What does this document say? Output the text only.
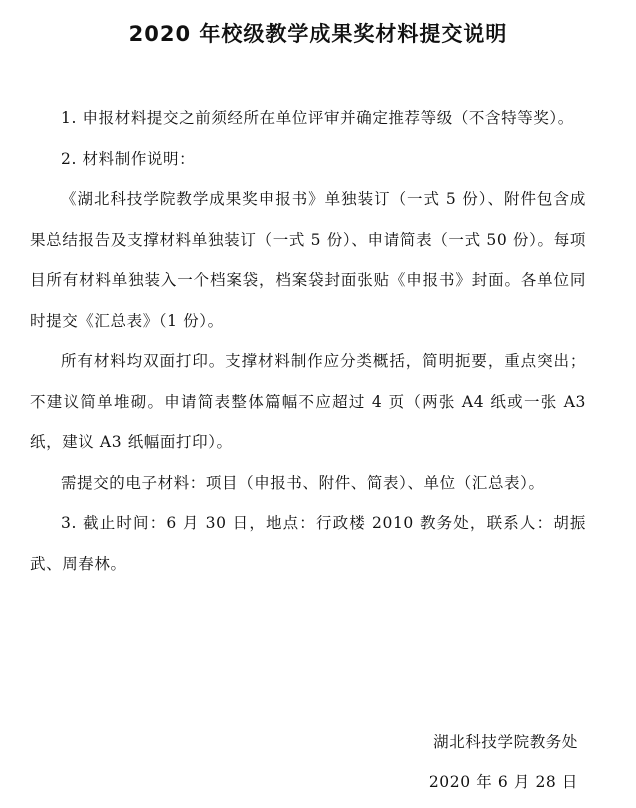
2020 年校级教学成果奖材料提交说明

1. 申报材料提交之前须经所在单位评审并确定推荐等级（不含特等奖）。

2. 材料制作说明：

《湖北科技学院教学成果奖申报书》单独装订（一式 5 份）、附件包含成果总结报告及支撑材料单独装订（一式 5 份）、申请简表（一式 50 份）。每项目所有材料单独装入一个档案袋，档案袋封面张贴《申报书》封面。各单位同时提交《汇总表》（1 份）。

所有材料均双面打印。支撑材料制作应分类概括，简明扼要，重点突出；不建议简单堆砌。申请简表整体篇幅不应超过 4 页（两张 A4 纸或一张 A3 纸，建议 A3 纸幅面打印）。

需提交的电子材料：项目（申报书、附件、简表）、单位（汇总表）。

3. 截止时间：6 月 30 日，地点：行政楼 2010 教务处，联系人：胡振武、周春林。

湖北科技学院教务处
2020 年 6 月 28 日
